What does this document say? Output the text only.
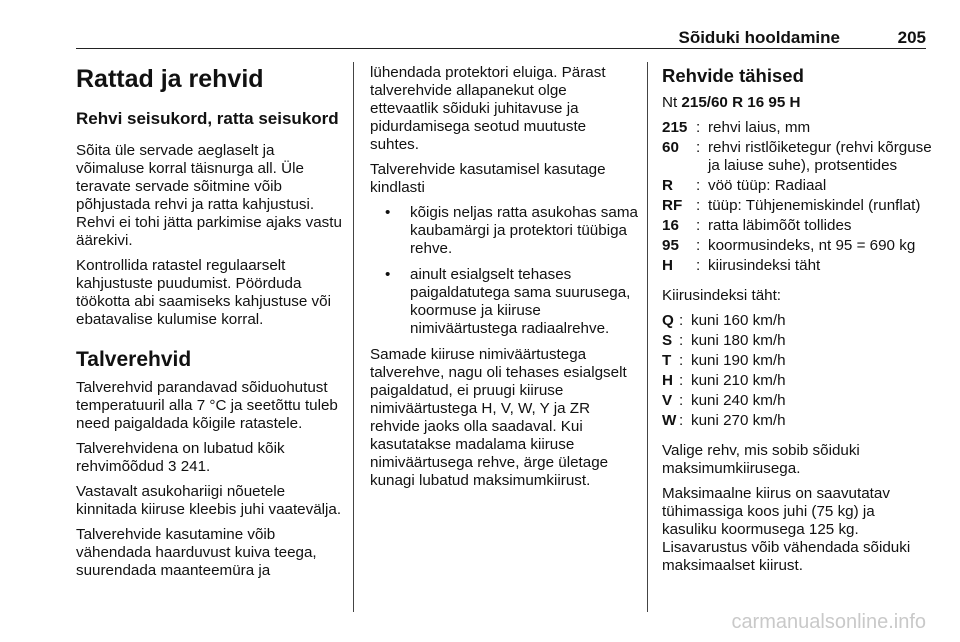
Sõiduki hooldamine	205
Rattad ja rehvid
Rehvi seisukord, ratta seisukord

Sõita üle servade aeglaselt ja võimaluse korral täisnurga all. Üle teravate servade sõitmine võib põhjustada rehvi ja ratta kahjustusi. Rehvi ei tohi jätta parkimise ajaks vastu äärekivi.

Kontrollida ratastel regulaarselt kahjustuste puudumist. Pöörduda töökotta abi saamiseks kahjustuse või ebatavalise kulumise korral.

Talverehvid

Talverehvid parandavad sõiduohutust temperatuuril alla 7 °C ja seetõttu tuleb need paigaldada kõigile ratastele.

Talverehvidena on lubatud kõik rehvimõõdud 3 241.

Vastavalt asukohariigi nõuetele kinnitada kiiruse kleebis juhi vaatevälja.

Talverehvide kasutamine võib vähendada haarduvust kuiva teega, suurendada maanteemüra ja

lühendada protektori eluiga. Pärast talverehvide allapanekut olge ettevaatlik sõiduki juhitavuse ja pidurdamisega seotud muutuste suhtes.

Talverehvide kasutamisel kasutage kindlasti

• kõigis neljas ratta asukohas sama kaubamärgi ja protektori tüübiga rehve.
• ainult esialgselt tehases paigaldatutega sama suurusega, koormuse ja kiiruse nimiväärtustega radiaalrehve.

Samade kiiruse nimiväärtustega talverehve, nagu oli tehases esialgselt paigaldatud, ei pruugi kiiruse nimiväärtustega H, V, W, Y ja ZR rehvide jaoks olla saadaval. Kui kasutatakse madalama kiiruse nimiväärtusega rehve, ärge ületage kunagi lubatud maksimumkiirust.

Rehvide tähised

Nt 215/60 R 16 95 H

215 : rehvi laius, mm
60	: rehvi ristlõiketegur (rehvi kõrguse ja laiuse suhe), protsentides
R	: vöö tüüp: Radiaal
RF : tüüp: Tühjenemiskindel (runflat)
16	: ratta läbimõõt tollides
95	: koormusindeks, nt 95 = 690 kg
H	: kiirusindeksi täht

Kiirusindeksi täht:

Q : kuni 160 km/h
S : kuni 180 km/h
T : kuni 190 km/h
H : kuni 210 km/h
V : kuni 240 km/h
W : kuni 270 km/h

Valige rehv, mis sobib sõiduki maksimumkiirusega.

Maksimaalne kiirus on saavutatav tühimassiga koos juhi (75 kg) ja kasuliku koormusega 125 kg. Lisavarustus võib vähendada sõiduki maksimaalset kiirust.

carmanualsonline.info
